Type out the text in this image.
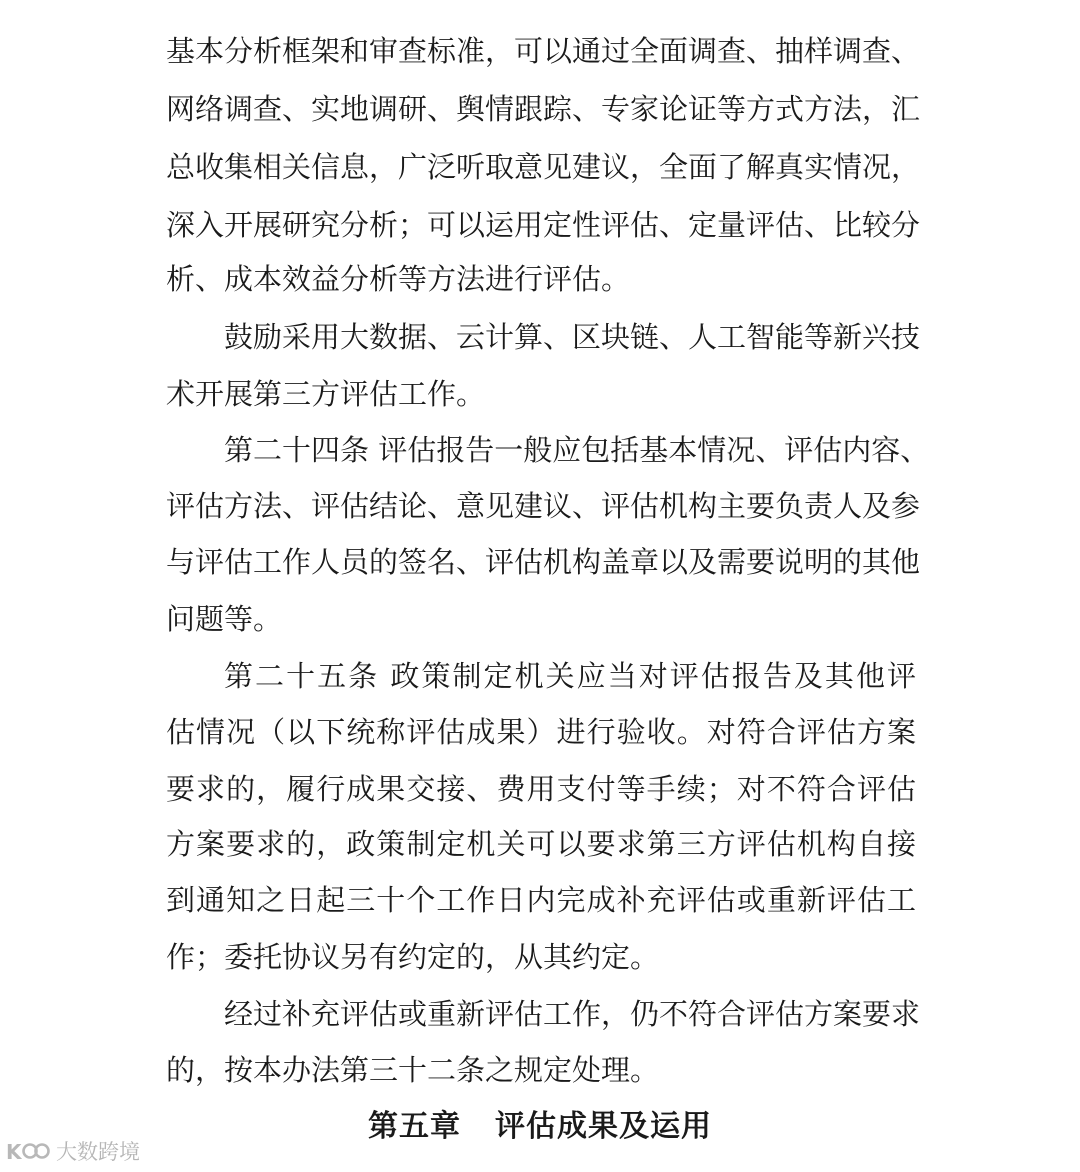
基本分析框架和审查标准，可以通过全面调查、抽样调查、
网络调查、实地调研、舆情跟踪、专家论证等方式方法，汇
总收集相关信息，广泛听取意见建议，全面了解真实情况，
深入开展研究分析；可以运用定性评估、定量评估、比较分
析、成本效益分析等方法进行评估。
鼓励采用大数据、云计算、区块链、人工智能等新兴技
术开展第三方评估工作。
第二十四条 评估报告一般应包括基本情况、评估内容、
评估方法、评估结论、意见建议、评估机构主要负责人及参
与评估工作人员的签名、评估机构盖章以及需要说明的其他
问题等。
第二十五条 政策制定机关应当对评估报告及其他评
估情况（以下统称评估成果）进行验收。对符合评估方案
要求的，履行成果交接、费用支付等手续；对不符合评估
方案要求的，政策制定机关可以要求第三方评估机构自接
到通知之日起三十个工作日内完成补充评估或重新评估工
作；委托协议另有约定的，从其约定。
经过补充评估或重新评估工作，仍不符合评估方案要求
的，按本办法第三十二条之规定处理。
第五章 评估成果及运用
K 大数跨境
